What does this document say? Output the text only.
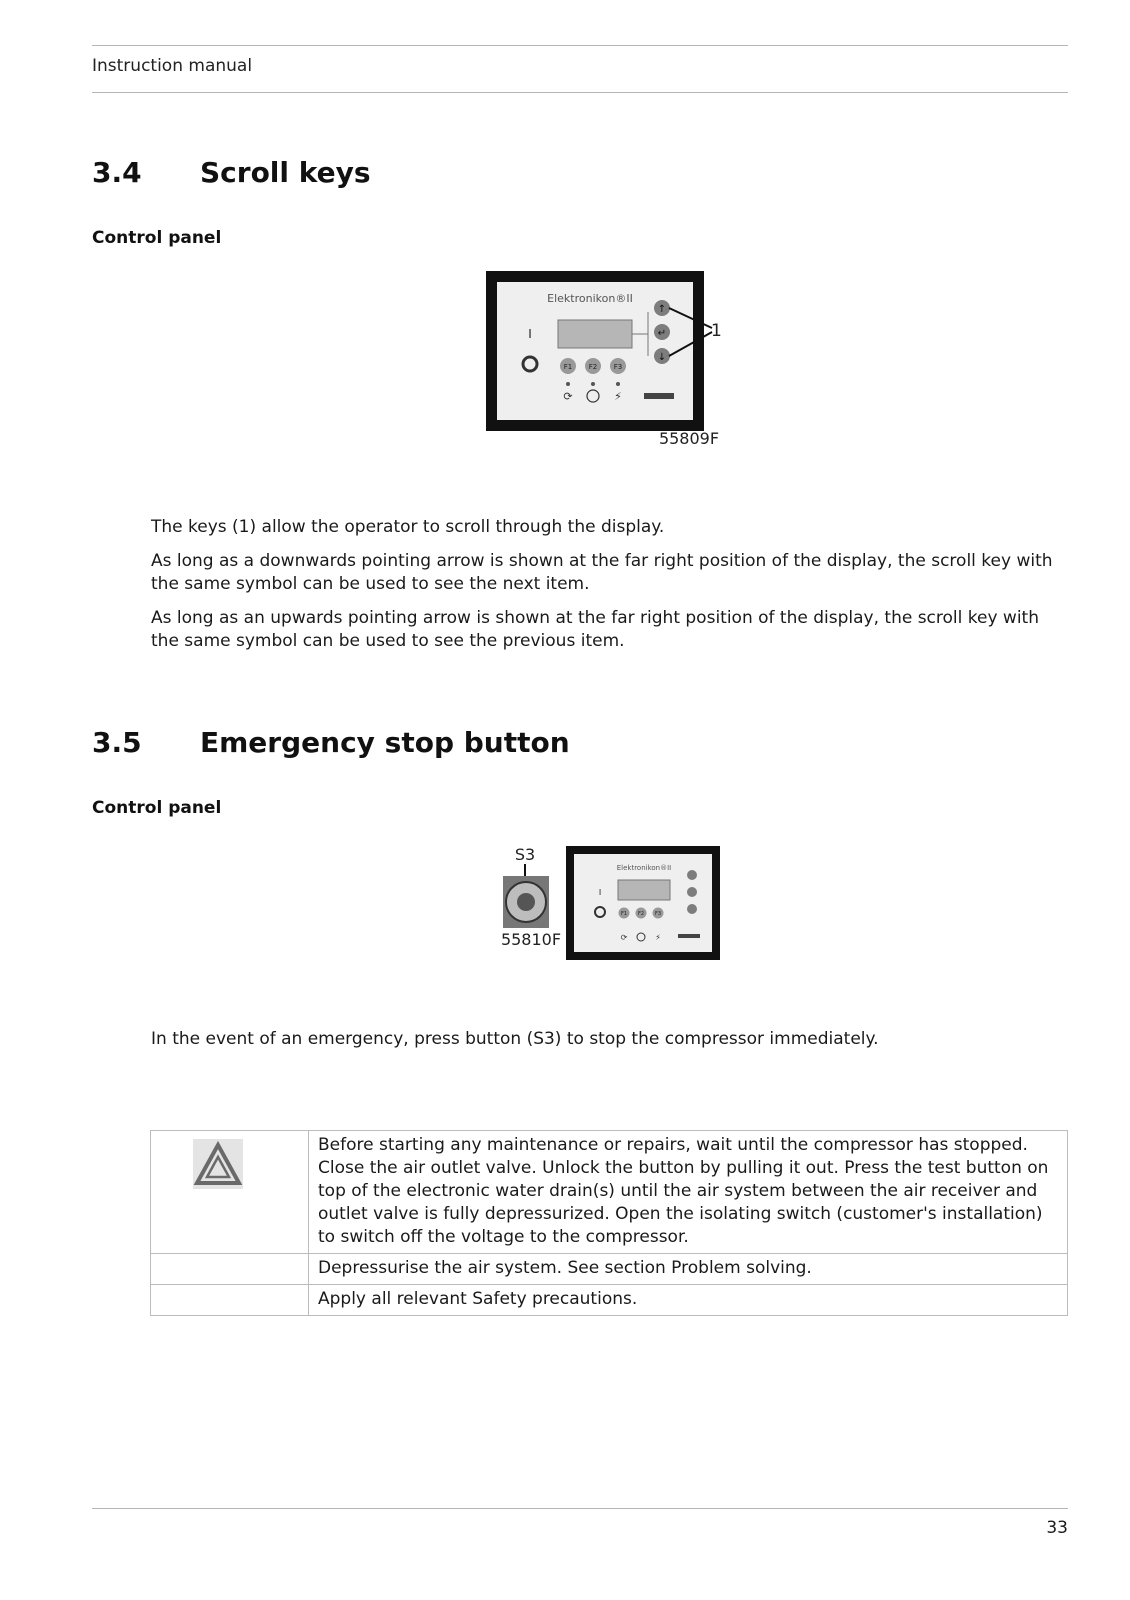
Instruction manual
3.4 Scroll keys
Control panel
Elektronikon®II
↑
↵
↓
1
I
F1 F2 F3
⟳	⚡
55809F

The keys (1) allow the operator to scroll through the display.

As long as a downwards pointing arrow is shown at the far right position of the display, the scroll key with the same symbol can be used to see the next item.

As long as an upwards pointing arrow is shown at the far right position of the display, the scroll key with the same symbol can be used to see the previous item.

3.5 Emergency stop button
Control panel
S3
55810F
Elektronikon®II
I
F1 F2 F3
⟳	⚡

In the event of an emergency, press button (S3) to stop the compressor immediately.

	Before starting any maintenance or repairs, wait until the compressor has stopped. Close the air outlet valve. Unlock the button by pulling it out. Press the test button on top of the electronic water drain(s) until the air system between the air receiver and outlet valve is fully depressurized. Open the isolating switch (customer's installation) to switch off the voltage to the compressor.
	Depressurise the air system. See section Problem solving.
	Apply all relevant Safety precautions.
33
